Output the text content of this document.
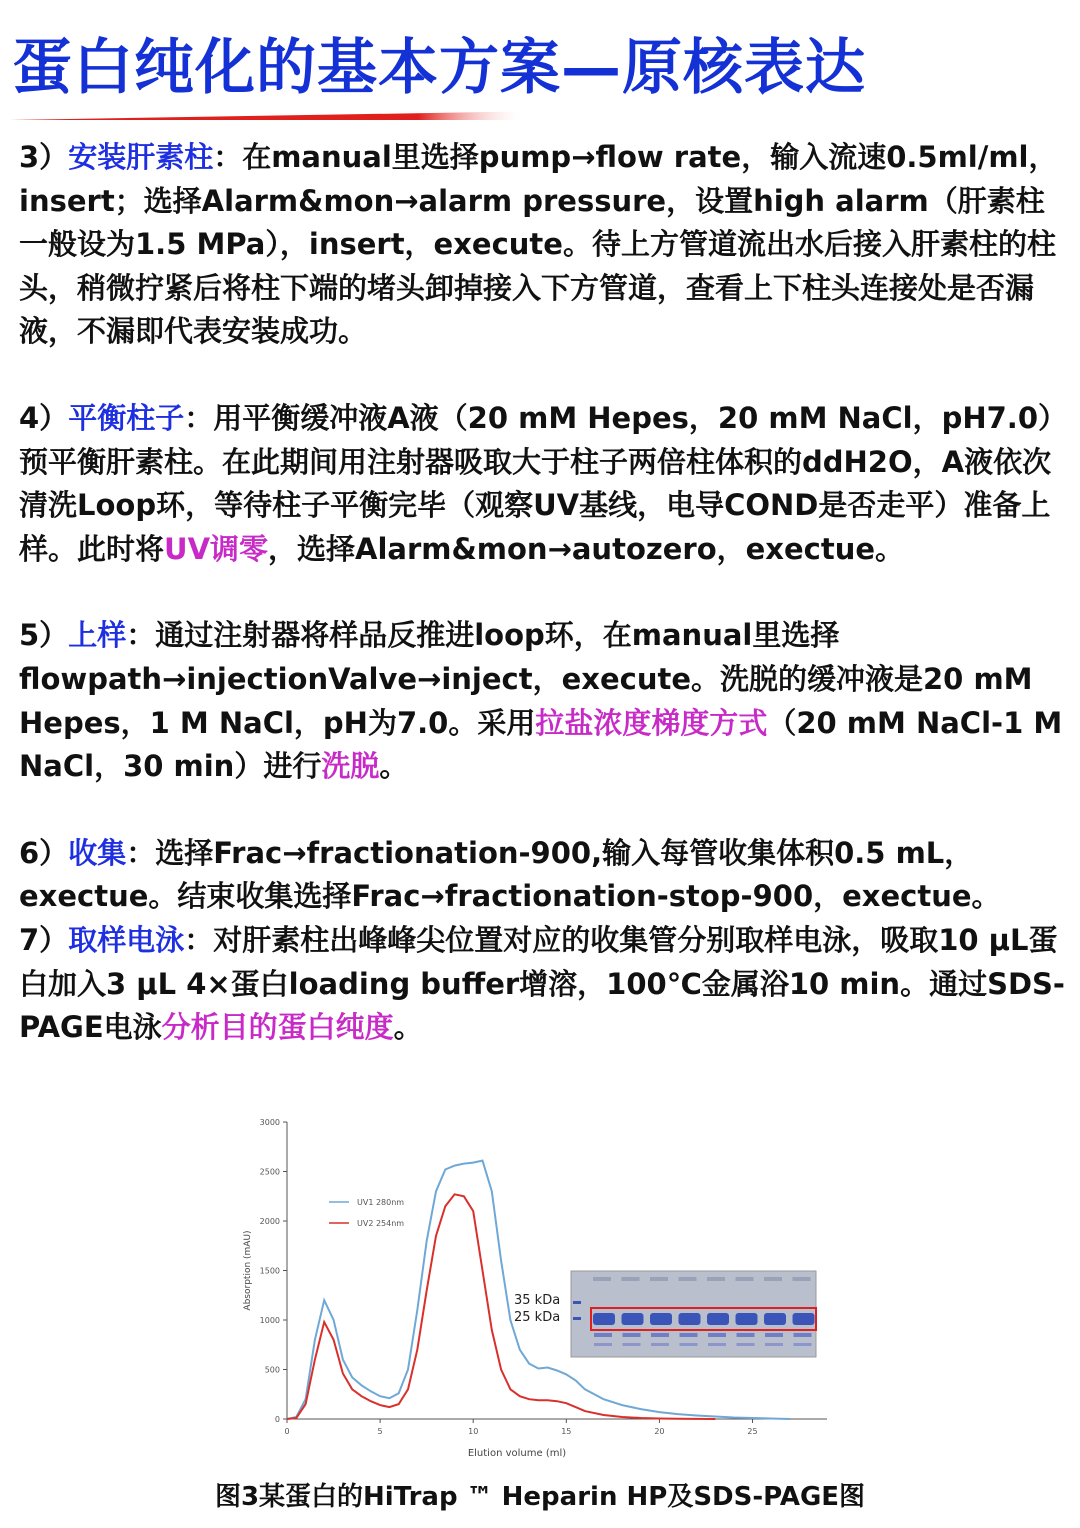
蛋白纯化的基本方案—原核表达

3）安装肝素柱：在manual里选择pump→flow rate，输入流速0.5ml/ml，insert；选择Alarm&mon→alarm pressure，设置high alarm（肝素柱一般设为1.5 MPa），insert，execute。待上方管道流出水后接入肝素柱的柱头，稍微拧紧后将柱下端的堵头卸掉接入下方管道，查看上下柱头连接处是否漏液，不漏即代表安装成功。

4）平衡柱子：用平衡缓冲液A液（20 mM Hepes，20 mM NaCl，pH7.0）预平衡肝素柱。在此期间用注射器吸取大于柱子两倍柱体积的ddH2O，A液依次清洗Loop环，等待柱子平衡完毕（观察UV基线，电导COND是否走平）准备上样。此时将UV调零，选择Alarm&mon→autozero，exectue。

5）上样：通过注射器将样品反推进loop环，在manual里选择flowpath→injectionValve→inject，execute。洗脱的缓冲液是20 mM Hepes，1 M NaCl，pH为7.0。采用拉盐浓度梯度方式（20 mM NaCl-1 M NaCl，30 min）进行洗脱。

6）收集：选择Frac→fractionation-900,输入每管收集体积0.5 mL，exectue。结束收集选择Frac→fractionation-stop-900，exectue。

7）取样电泳：对肝素柱出峰峰尖位置对应的收集管分别取样电泳，吸取10 μL蛋白加入3 μL 4×蛋白loading buffer增溶，100℃金属浴10 min。通过SDS-PAGE电泳分析目的蛋白纯度。

0
500
1000
1500
2000
2500
3000
0	5	10	15	20	25
Elution volume (ml)
Absorption (mAU)
UV1 280nm
UV2 254nm
35 kDa
25 kDa
图3某蛋白的HiTrap ™ Heparin HP及SDS-PAGE图
